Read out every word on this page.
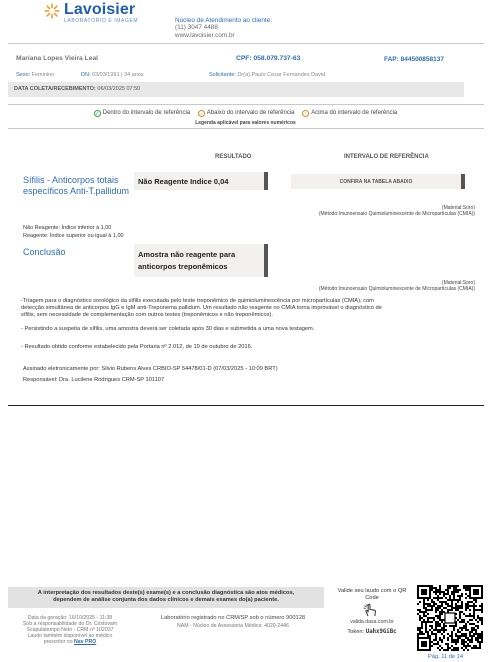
Lavoisier
LABORATÓRIO E IMAGEM	Núcleo de Atendimento ao cliente:
(11) 3047 4488
www.lavoisier.com.br
Mariana Lopes Vieira Leal	CPF: 058.079.737-63	FAP: 844500858137
Sexo: Feminino	DN: 03/03/1991 | 34 anos	Solicitante: Dr(a).Paulo Cezar Fernandes David
DATA COLETA/RECEBIMENTO: 06/03/2025 07:50
✓ Dentro do intervalo de referência ↓ Abaixo do intervalo de referência ↑ Acima do intervalo de referência
Legenda aplicável para valores numéricos
RESULTADO	INTERVALO DE REFERÊNCIA
Sífilis - Anticorpos totais específicos Anti-T.pallidum
Não Reagente Indice 0,04	CONFIRA NA TABELA ABAIXO
(Material:Soro)
(Método:Imunoensaio Quimioluminescente de Micropartículas (CMIA))
Não Reagente: Índice inferior à 1,00
Reagente: Índice superior ou igual à 1,00
Conclusão	Amostra não reagente para
anticorpos treponêmicos
(Material:Soro)
(Método:Imunoensaio Quimioluminescente de Micropartículas (CMIA))
-Triagem para o diagnóstico sorológico da sífilis executada pelo teste treponêmico de quimioluminescência por micropartículas (CMIA), com
detecção simultânea de anticorpos IgG e IgM anti-Treponema pallidum. Um resultado não reagente no CMIA torna improvável o diagnóstico de
sífilis, sem necessidade de complementação com outros testes (treponêmicos e não treponêmicos).
- Persistindo a suspeita de sífilis, uma amostra deverá ser coletada após 30 dias e submetida a uma nova testagem.
- Resultado obtido conforme estabelecido pela Portaria nº 2.012, de 19 de outubro de 2016.
Assinado eletronicamente por: Silvio Rubens Alves CRBIO-SP 54478/01-D (07/03/2025 - 10:09 BRT)
Responsável: Dra. Lucilene Rodrigues CRM-SP 101107
A interpretação dos resultados deste(s) exame(s) e a conclusão diagnóstica são atos médicos,
dependem de análise conjunta dos dados clínicos e demais exames do(a) paciente.
Data da geração: 16/10/2025 - 11:38
Sob a responsabilidade do Dr. Cristovam
Scapulatempo Neto - CRM nº 102037
Laudo também disponível ao médico
prescritor no Nav PRO
Laboratório registrado no CRM/SP sob o número 900128
NAM - Núcleo de Assessoria Médica: 4020-2446
Valide seu laudo com o QR
Code
valida.dasa.com.br
Token: Uahx9GiBc
Pág. 11 de 14
